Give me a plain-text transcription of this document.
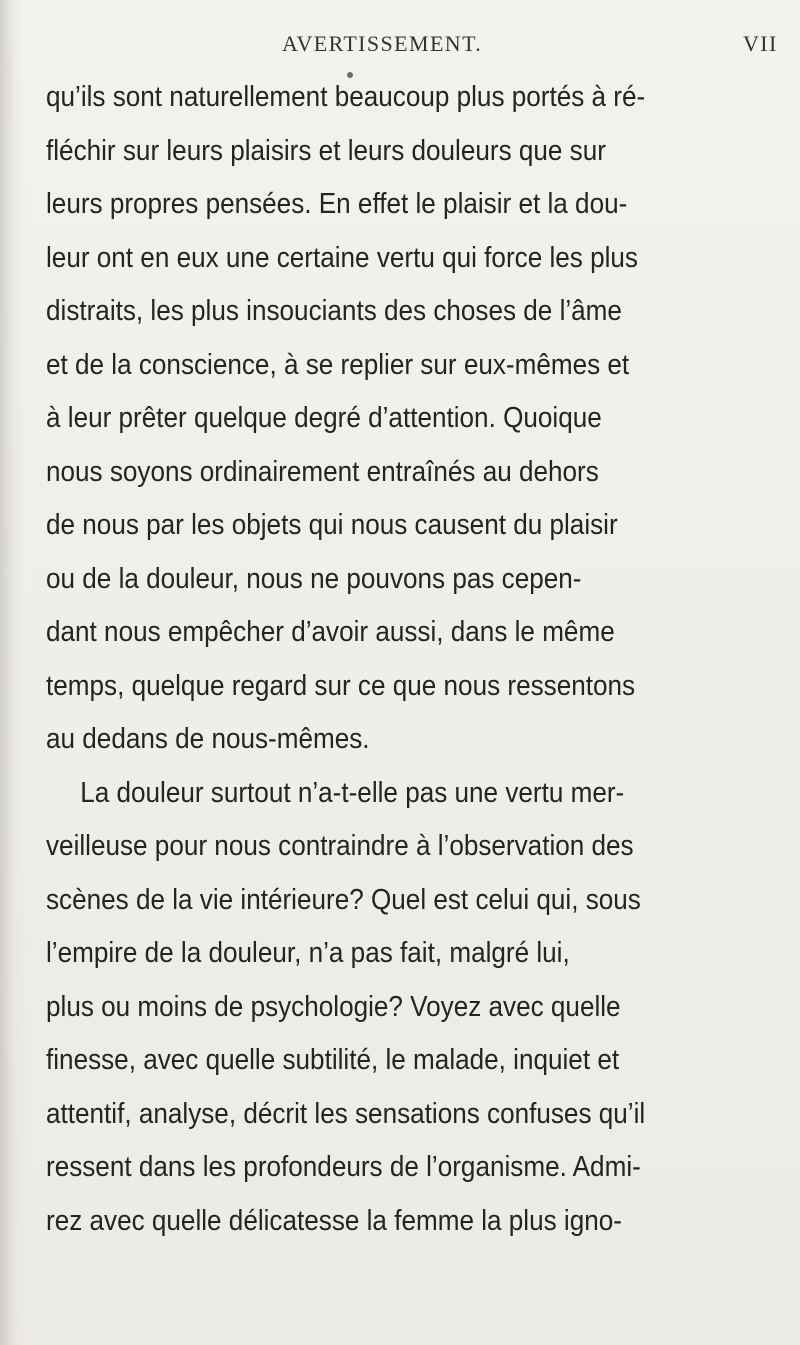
AVERTISSEMENT.	VII
qu’ils sont naturellement beaucoup plus portés à ré-
fléchir sur leurs plaisirs et leurs douleurs que sur
leurs propres pensées. En effet le plaisir et la dou-
leur ont en eux une certaine vertu qui force les plus
distraits, les plus insouciants des choses de l’âme
et de la conscience, à se replier sur eux-mêmes et
à leur prêter quelque degré d’attention. Quoique
nous soyons ordinairement entraînés au dehors
de nous par les objets qui nous causent du plaisir
ou de la douleur, nous ne pouvons pas cepen-
dant nous empêcher d’avoir aussi, dans le même
temps, quelque regard sur ce que nous ressentons
au dedans de nous-mêmes.
La douleur surtout n’a-t-elle pas une vertu mer-
veilleuse pour nous contraindre à l’observation des
scènes de la vie intérieure? Quel est celui qui, sous
l’empire de la douleur, n’a pas fait, malgré lui,
plus ou moins de psychologie? Voyez avec quelle
finesse, avec quelle subtilité, le malade, inquiet et
attentif, analyse, décrit les sensations confuses qu’il
ressent dans les profondeurs de l’organisme. Admi-
rez avec quelle délicatesse la femme la plus igno-
